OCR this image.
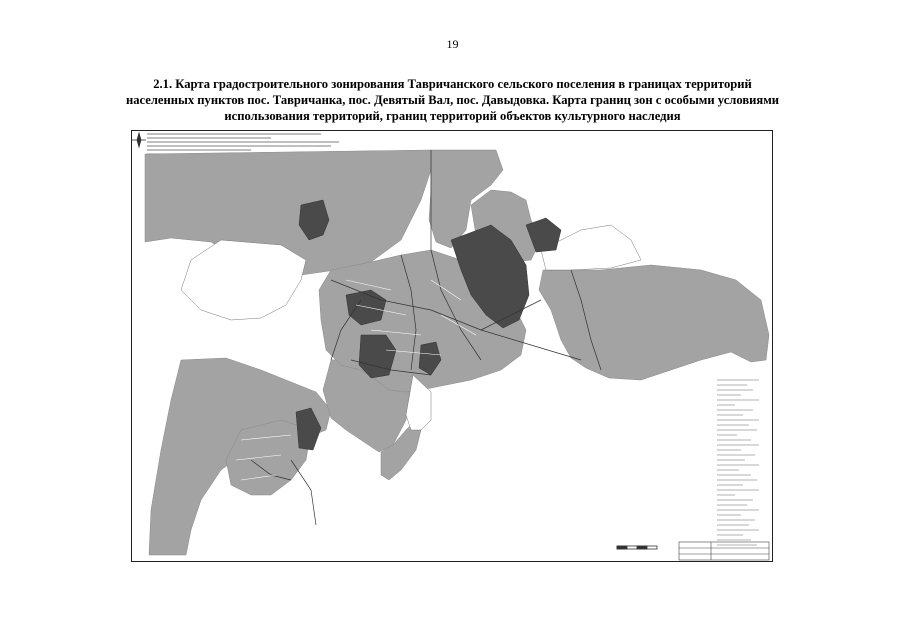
19
2.1. Карта градостроительного зонирования Тавричанского сельского поселения в границах территорий
населенных пунктов пос. Тавричанка, пос. Девятый Вал, пос. Давыдовка. Карта границ зон с особыми условиями
использования территорий, границ территорий объектов культурного наследия
